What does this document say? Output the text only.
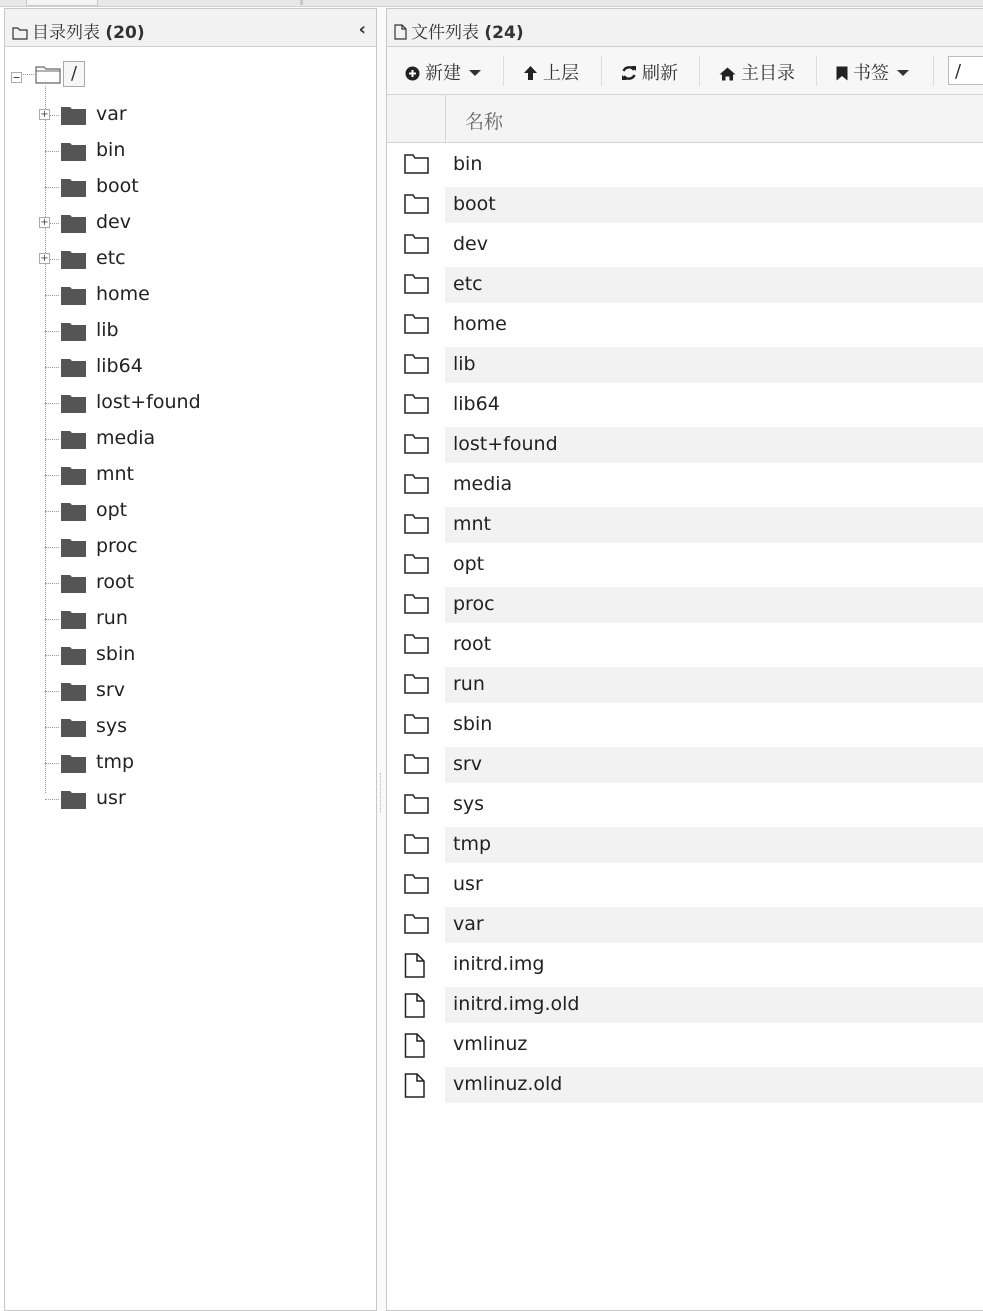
目录列表 (20)	‹
/
+ var
bin
boot
+ dev
+ etc
home
lib
lib64
lost+found
media
mnt
opt
proc
root
run
sbin
srv
sys
tmp
usr
文件列表 (24)
新建	上层	刷新	主目录	书签	/
名称
bin
boot
dev
etc
home
lib
lib64
lost+found
media
mnt
opt
proc
root
run
sbin
srv
sys
tmp
usr
var
initrd.img
initrd.img.old
vmlinuz
vmlinuz.old
